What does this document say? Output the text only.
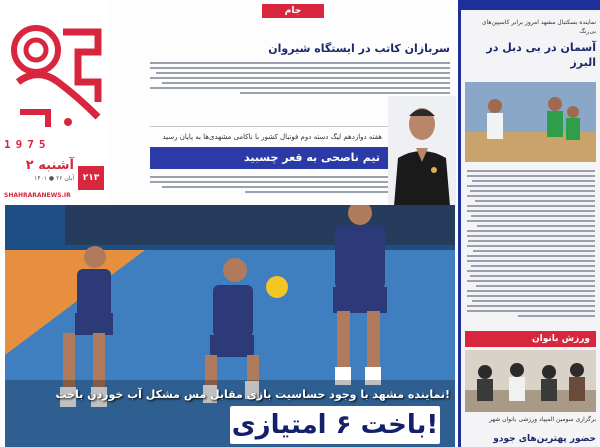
1975
۲ آشنبه
۱۴۰۱ ● ۲۶ آبان ۲۱۳
SHAHRARANEWS.IR
جام
سربازان کاتب در ایستگاه شیروان
هفته دوازدهم لیگ دسته دوم فوتبال کشور با ناکامی مشهدی‌ها به پایان رسید
تیم ناصحی به قعر چسبید
نماینده مشهد با وجود حساسیت بازی مقابل مس مشکل آب خوردن باخت!
باخت ۶ امتیازی!
نماینده بسکتبال مشهد امروز برابر کاسپین‌های بی‌رنگ
آسمان در بی دبل در البرز
ورزش بانوان
برگزاری سومین المپیاد ورزشی بانوان شهر
حضور پهترین‌های جودو
